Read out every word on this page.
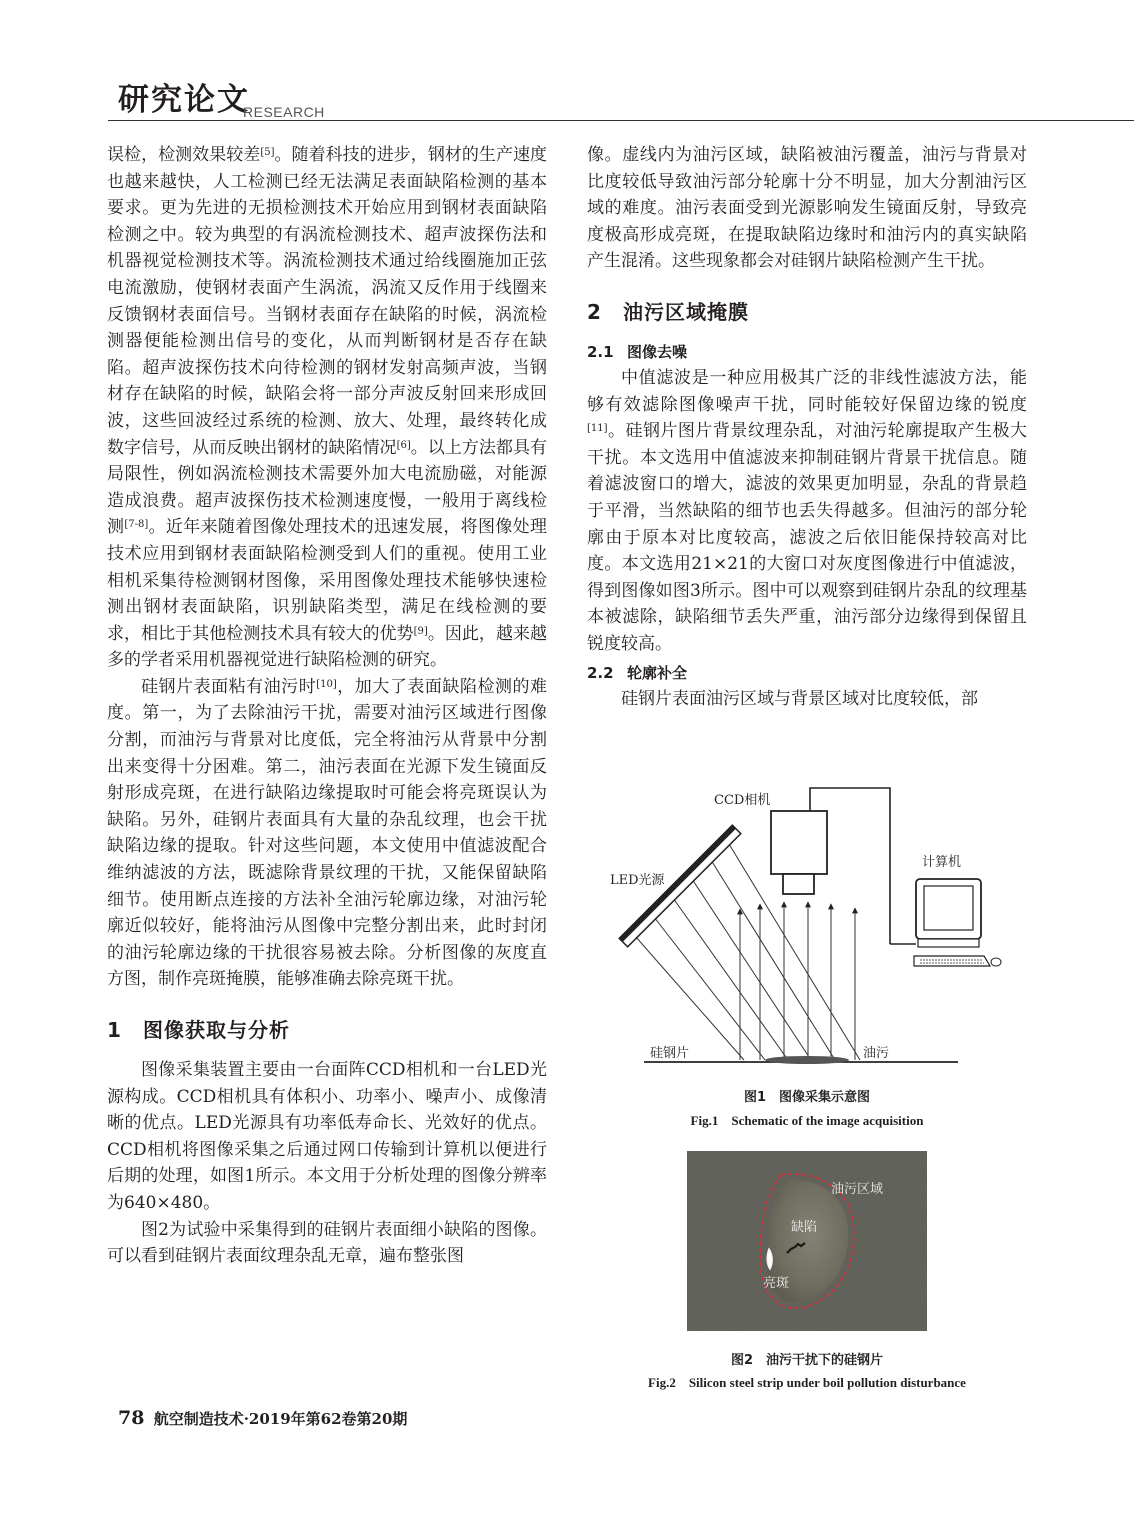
研究论文
RESEARCH

误检，检测效果较差[5]。随着科技的进步，钢材的生产速度也越来越快，人工检测已经无法满足表面缺陷检测的基本要求。更为先进的无损检测技术开始应用到钢材表面缺陷检测之中。较为典型的有涡流检测技术、超声波探伤法和机器视觉检测技术等。涡流检测技术通过给线圈施加正弦电流激励，使钢材表面产生涡流，涡流又反作用于线圈来反馈钢材表面信号。当钢材表面存在缺陷的时候，涡流检测器便能检测出信号的变化，从而判断钢材是否存在缺陷。超声波探伤技术向待检测的钢材发射高频声波，当钢材存在缺陷的时候，缺陷会将一部分声波反射回来形成回波，这些回波经过系统的检测、放大、处理，最终转化成数字信号，从而反映出钢材的缺陷情况[6]。以上方法都具有局限性，例如涡流检测技术需要外加大电流励磁，对能源造成浪费。超声波探伤技术检测速度慢，一般用于离线检测[7-8]。近年来随着图像处理技术的迅速发展，将图像处理技术应用到钢材表面缺陷检测受到人们的重视。使用工业相机采集待检测钢材图像，采用图像处理技术能够快速检测出钢材表面缺陷，识别缺陷类型，满足在线检测的要求，相比于其他检测技术具有较大的优势[9]。因此，越来越多的学者采用机器视觉进行缺陷检测的研究。

硅钢片表面粘有油污时[10]，加大了表面缺陷检测的难度。第一，为了去除油污干扰，需要对油污区域进行图像分割，而油污与背景对比度低，完全将油污从背景中分割出来变得十分困难。第二，油污表面在光源下发生镜面反射形成亮斑，在进行缺陷边缘提取时可能会将亮斑误认为缺陷。另外，硅钢片表面具有大量的杂乱纹理，也会干扰缺陷边缘的提取。针对这些问题，本文使用中值滤波配合维纳滤波的方法，既滤除背景纹理的干扰，又能保留缺陷细节。使用断点连接的方法补全油污轮廓边缘，对油污轮廓近似较好，能将油污从图像中完整分割出来，此时封闭的油污轮廓边缘的干扰很容易被去除。分析图像的灰度直方图，制作亮斑掩膜，能够准确去除亮斑干扰。

1 图像获取与分析

图像采集装置主要由一台面阵CCD相机和一台LED光源构成。CCD相机具有体积小、功率小、噪声小、成像清晰的优点。LED光源具有功率低寿命长、光效好的优点。CCD相机将图像采集之后通过网口传输到计算机以便进行后期的处理，如图1所示。本文用于分析处理的图像分辨率为640×480。

图2为试验中采集得到的硅钢片表面细小缺陷的图像。可以看到硅钢片表面纹理杂乱无章，遍布整张图

像。虚线内为油污区域，缺陷被油污覆盖，油污与背景对比度较低导致油污部分轮廓十分不明显，加大分割油污区域的难度。油污表面受到光源影响发生镜面反射，导致亮度极高形成亮斑，在提取缺陷边缘时和油污内的真实缺陷产生混淆。这些现象都会对硅钢片缺陷检测产生干扰。

2 油污区域掩膜
2.1 图像去噪

中值滤波是一种应用极其广泛的非线性滤波方法，能够有效滤除图像噪声干扰，同时能较好保留边缘的锐度[11]。硅钢片图片背景纹理杂乱，对油污轮廓提取产生极大干扰。本文选用中值滤波来抑制硅钢片背景干扰信息。随着滤波窗口的增大，滤波的效果更加明显，杂乱的背景趋于平滑，当然缺陷的细节也丢失得越多。但油污的部分轮廓由于原本对比度较高，滤波之后依旧能保持较高对比度。本文选用21×21的大窗口对灰度图像进行中值滤波，得到图像如图3所示。图中可以观察到硅钢片杂乱的纹理基本被滤除，缺陷细节丢失严重，油污部分边缘得到保留且锐度较高。

2.2 轮廓补全

硅钢片表面油污区域与背景区域对比度较低，部

CCD相机
计算机
LED光源
硅钢片	油污
图1　图像采集示意图
Fig.1　Schematic of the image acquisition
油污区域
缺陷
亮斑
图2　油污干扰下的硅钢片
Fig.2　Silicon steel strip under boil pollution disturbance
78 航空制造技术·2019年第62卷第20期
